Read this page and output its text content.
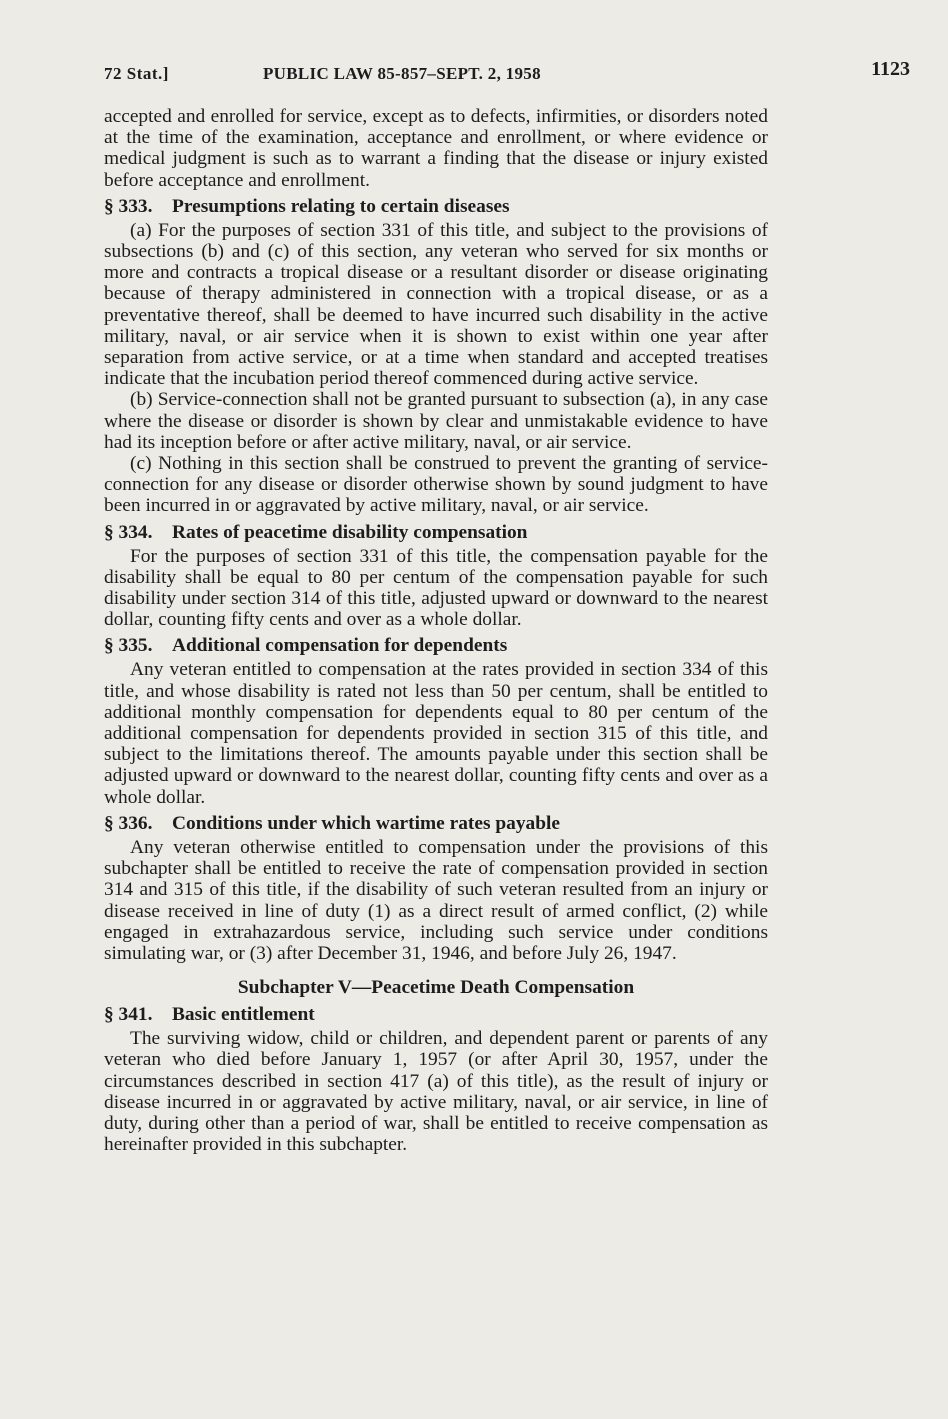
72 Stat.]	PUBLIC LAW 85-857–SEPT. 2, 1958	1123

accepted and enrolled for service, except as to defects, infirmities, or disorders noted at the time of the examination, acceptance and enrollment, or where evidence or medical judgment is such as to warrant a finding that the disease or injury existed before acceptance and enrollment.

§ 333. Presumptions relating to certain diseases

(a) For the purposes of section 331 of this title, and subject to the provisions of subsections (b) and (c) of this section, any veteran who served for six months or more and contracts a tropical disease or a resultant disorder or disease originating because of therapy administered in connection with a tropical disease, or as a preventative thereof, shall be deemed to have incurred such disability in the active military, naval, or air service when it is shown to exist within one year after separation from active service, or at a time when standard and accepted treatises indicate that the incubation period thereof commenced during active service.

(b) Service-connection shall not be granted pursuant to subsection (a), in any case where the disease or disorder is shown by clear and unmistakable evidence to have had its inception before or after active military, naval, or air service.

(c) Nothing in this section shall be construed to prevent the granting of service-connection for any disease or disorder otherwise shown by sound judgment to have been incurred in or aggravated by active military, naval, or air service.

§ 334. Rates of peacetime disability compensation

For the purposes of section 331 of this title, the compensation payable for the disability shall be equal to 80 per centum of the compensation payable for such disability under section 314 of this title, adjusted upward or downward to the nearest dollar, counting fifty cents and over as a whole dollar.

§ 335. Additional compensation for dependents

Any veteran entitled to compensation at the rates provided in section 334 of this title, and whose disability is rated not less than 50 per centum, shall be entitled to additional monthly compensation for dependents equal to 80 per centum of the additional compensation for dependents provided in section 315 of this title, and subject to the limitations thereof. The amounts payable under this section shall be adjusted upward or downward to the nearest dollar, counting fifty cents and over as a whole dollar.

§ 336. Conditions under which wartime rates payable

Any veteran otherwise entitled to compensation under the provisions of this subchapter shall be entitled to receive the rate of compensation provided in section 314 and 315 of this title, if the disability of such veteran resulted from an injury or disease received in line of duty (1) as a direct result of armed conflict, (2) while engaged in extrahazardous service, including such service under conditions simulating war, or (3) after December 31, 1946, and before July 26, 1947.

Subchapter V—Peacetime Death Compensation
§ 341. Basic entitlement

The surviving widow, child or children, and dependent parent or parents of any veteran who died before January 1, 1957 (or after April 30, 1957, under the circumstances described in section 417 (a) of this title), as the result of injury or disease incurred in or aggravated by active military, naval, or air service, in line of duty, during other than a period of war, shall be entitled to receive compensation as hereinafter provided in this subchapter.
